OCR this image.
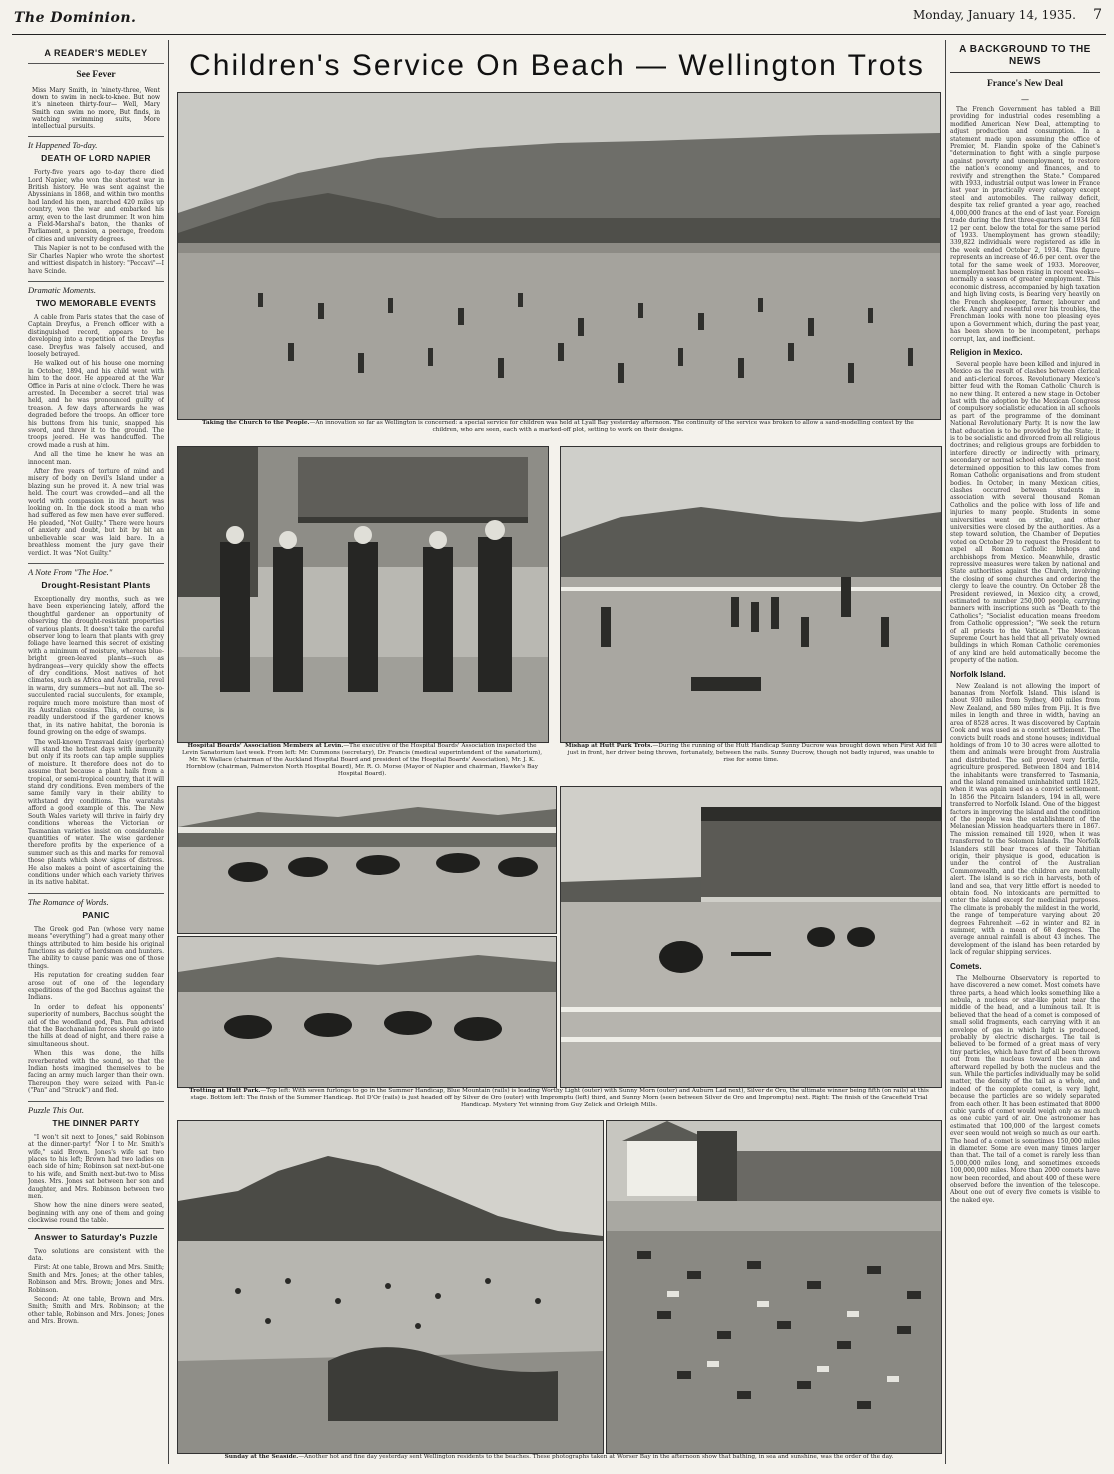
The Dominion.	Monday, January 14, 1935. 7
A READER'S MEDLEY
See Fever
Miss Mary Smith, in 'ninety-three, Went down to swim in neck-to-knee. But now it's nineteen thirty-four— Well, Mary Smith can swim no more, But finds, in watching swimming suits, More intellectual pursuits.
It Happened To-day.
DEATH OF LORD NAPIER

Forty-five years ago to-day there died Lord Napier, who won the shortest war in British history. He was sent against the Abyssinians in 1868, and within two months had landed his men, marched 420 miles up country, won the war and embarked his army, even to the last drummer. It won him a Field-Marshal's baton, the thanks of Parliament, a pension, a peerage, freedom of cities and university degrees.

This Napier is not to be confused with the Sir Charles Napier who wrote the shortest and wittiest dispatch in history: "Peccavi"—I have Scinde.

Dramatic Moments.
TWO MEMORABLE EVENTS

A cable from Paris states that the case of Captain Dreyfus, a French officer with a distinguished record, appears to be developing into a repetition of the Dreyfus case. Dreyfus was falsely accused, and loosely betrayed.

He walked out of his house one morning in October, 1894, and his child went with him to the door. He appeared at the War Office in Paris at nine o'clock. There he was arrested. In December a secret trial was held, and he was pronounced guilty of treason. A few days afterwards he was degraded before the troops. An officer tore his buttons from his tunic, snapped his sword, and threw it to the ground. The troops jeered. He was handcuffed. The crowd made a rush at him.

And all the time he knew he was an innocent man.

After five years of torture of mind and misery of body on Devil's Island under a blazing sun he proved it. A new trial was held. The court was crowded—and all the world with compassion in its heart was looking on. In the dock stood a man who had suffered as few men have ever suffered. He pleaded, "Not Guilty." There were hours of anxiety and doubt, but bit by bit an unbelievable scar was laid bare. In a breathless moment the jury gave their verdict. It was "Not Guilty."

A Note From "The Hoe."
Drought-Resistant Plants

Exceptionally dry months, such as we have been experiencing lately, afford the thoughtful gardener an opportunity of observing the drought-resistant properties of various plants. It doesn't take the careful observer long to learn that plants with grey foliage have learned this secret of existing with a minimum of moisture, whereas blue-bright green-leaved plants—such as hydrangeas—very quickly show the effects of dry conditions. Most natives of hot climates, such as Africa and Australia, revel in warm, dry summers—but not all. The so-succulented racial succulents, for example, require much more moisture than most of its Australian cousins. This, of course, is readily understood if the gardener knows that, in its native habitat, the boronia is found growing on the edge of swamps.

The well-known Transvaal daisy (gerbera) will stand the hottest days with immunity but only if its roots can tap ample supplies of moisture. It therefore does not do to assume that because a plant hails from a tropical, or semi-tropical country, that it will stand dry conditions. Even members of the same family vary in their ability to withstand dry conditions. The waratahs afford a good example of this. The New South Wales variety will thrive in fairly dry conditions whereas the Victorian or Tasmanian varieties insist on considerable quantities of water. The wise gardener therefore profits by the experience of a summer such as this and marks for removal those plants which show signs of distress. He also makes a point of ascertaining the conditions under which each variety thrives in its native habitat.

The Romance of Words.
PANIC

The Greek god Pan (whose very name means "everything") had a great many other things attributed to him beside his original functions as deity of herdsmen and hunters. The ability to cause panic was one of those things.

His reputation for creating sudden fear arose out of one of the legendary expeditions of the god Bacchus against the Indians.

In order to defeat his opponents' superiority of numbers, Bacchus sought the aid of the woodland god, Pan. Pan advised that the Bacchanalian forces should go into the hills at dead of night, and there raise a simultaneous shout.

When this was done, the hills reverberated with the sound, so that the Indian hosts imagined themselves to be facing an army much larger than their own. Thereupon they were seized with Pan-ic ("Pan" and "Struck") and fled.

Puzzle This Out.
THE DINNER PARTY

"I won't sit next to Jones," said Robinson at the dinner-party! "Nor I to Mr. Smith's wife," said Brown. Jones's wife sat two places to his left; Brown had two ladies on each side of him; Robinson sat next-but-one to his wife, and Smith next-but-two to Miss Jones. Mrs. Jones sat between her son and daughter, and Mrs. Robinson between two men.

Show how the nine diners were seated, beginning with any one of them and going clockwise round the table.

Answer to Saturday's Puzzle

Two solutions are consistent with the data.

First: At one table, Brown and Mrs. Smith; Smith and Mrs. Jones; at the other tables, Robinson and Mrs. Brown; Jones and Mrs. Robinson.

Second: At one table, Brown and Mrs. Smith; Smith and Mrs. Robinson; at the other table, Robinson and Mrs. Jones; Jones and Mrs. Brown.

Children's Service On Beach — Wellington Trots
Taking the Church to the People.—An innovation so far as Wellington is concerned: a special service for children was held at Lyall Bay yesterday afternoon. The continuity of the service was broken to allow a sand-modelling contest by the children, who are seen, each with a marked-off plot, setting to work on their designs.
Hospital Boards' Association Members at Levin.—The executive of the Hospital Boards' Association inspected the Levin Sanatorium last week. From left: Mr. Cummons (secretary), Dr. Francis (medical superintendent of the sanatorium), Mr. W. Wallace (chairman of the Auckland Hospital Board and president of the Hospital Boards' Association), Mr. J. K. Hornblow (chairman, Palmerston North Hospital Board), Mr. R. O. Morse (Mayor of Napier and chairman, Hawke's Bay Hospital Board).
Mishap at Hutt Park Trots.—During the running of the Hutt Handicap Sunny Ducrow was brought down when First Aid fell just in front, her driver being thrown, fortunately, between the rails. Sunny Ducrow, though not badly injured, was unable to rise for some time.
Trotting at Hutt Park.—Top left: With seven furlongs to go in the Summer Handicap, Blue Mountain (rails) is leading Worthy Light (outer) with Sunny Morn (outer) and Auburn Lad next), Silver de Oro, the ultimate winner being fifth (on rails) at this stage. Bottom left: The finish of the Summer Handicap. Rol D'Or (rails) is just headed off by Silver de Oro (outer) with Impromptu (left) third, and Sunny Morn (seen between Silver de Oro and Impromptu) next. Right: The finish of the Gracefield Trial Handicap. Mystery Yet winning from Guy Zelick and Orleigh Mills.
Sunday at the Seaside.—Another hot and fine day yesterday sent Wellington residents to the beaches. These photographs taken at Worser Bay in the afternoon show that bathing, in sea and sunshine, was the order of the day.
A BACKGROUND TO THE NEWS
France's New Deal
—

The French Government has tabled a Bill providing for industrial codes resembling a modified American New Deal, attempting to adjust production and consumption. In a statement made upon assuming the office of Premier, M. Flandin spoke of the Cabinet's "determination to fight with a single purpose against poverty and unemployment, to restore the nation's economy and finances, and to revivify and strengthen the State." Compared with 1933, industrial output was lower in France last year in practically every category except steel and automobiles. The railway deficit, despite tax relief granted a year ago, reached 4,000,000 francs at the end of last year. Foreign trade during the first three-quarters of 1934 fell 12 per cent. below the total for the same period of 1933. Unemployment has grown steadily; 339,822 individuals were registered as idle in the week ended October 2, 1934. This figure represents an increase of 46.6 per cent. over the total for the same week of 1933. Moreover, unemployment has been rising in recent weeks—normally a season of greater employment. This economic distress, accompanied by high taxation and high living costs, is bearing very heavily on the French shopkeeper, farmer, labourer and clerk. Angry and resentful over his troubles, the Frenchman looks with none too pleasing eyes upon a Government which, during the past year, has been shown to be incompetent, perhaps corrupt, lax, and inefficient.

Religion in Mexico.

Several people have been killed and injured in Mexico as the result of clashes between clerical and anti-clerical forces. Revolutionary Mexico's bitter feud with the Roman Catholic Church is no new thing. It entered a new stage in October last with the adoption by the Mexican Congress of compulsory socialistic education in all schools as part of the programme of the dominant National Revolutionary Party. It is now the law that education is to be provided by the State; it is to be socialistic and divorced from all religious doctrines; and religious groups are forbidden to interfere directly or indirectly with primary, secondary or normal school education. The most determined opposition to this law comes from Roman Catholic organisations and from student bodies. In October, in many Mexican cities, clashes occurred between students in association with several thousand Roman Catholics and the police with loss of life and injuries to many people. Students in some universities went on strike, and other universities were closed by the authorities. As a step toward solution, the Chamber of Deputies voted on October 29 to request the President to expel all Roman Catholic bishops and archbishops from Mexico. Meanwhile, drastic repressive measures were taken by national and State authorities against the Church, involving the closing of some churches and ordering the clergy to leave the country. On October 28 the President reviewed, in Mexico city, a crowd, estimated to number 250,000 people, carrying banners with inscriptions such as "Death to the Catholics"; "Socialist education means freedom from Catholic oppression"; "We seek the return of all priests to the Vatican." The Mexican Supreme Court has held that all privately owned buildings in which Roman Catholic ceremonies of any kind are held automatically become the property of the nation.

Norfolk Island.

New Zealand is not allowing the import of bananas from Norfolk Island. This island is about 930 miles from Sydney, 400 miles from New Zealand, and 580 miles from Fiji. It is five miles in length and three in width, having an area of 8528 acres. It was discovered by Captain Cook and was used as a convict settlement. The convicts built roads and stone houses; individual holdings of from 10 to 30 acres were allotted to them and animals were brought from Australia and distributed. The soil proved very fertile, agriculture prospered. Between 1804 and 1814 the inhabitants were transferred to Tasmania, and the island remained uninhabited until 1825, when it was again used as a convict settlement. In 1856 the Pitcairn Islanders, 194 in all, were transferred to Norfolk Island. One of the biggest factors in improving the island and the condition of the people was the establishment of the Melanesian Mission headquarters there in 1867. The mission remained till 1920, when it was transferred to the Solomon Islands. The Norfolk Islanders still bear traces of their Tahitian origin, their physique is good, education is under the control of the Australian Commonwealth, and the children are mentally alert. The island is so rich in harvests, both of land and sea, that very little effort is needed to obtain food. No intoxicants are permitted to enter the island except for medicinal purposes. The climate is probably the mildest in the world, the range of temperature varying about 20 degrees Fahrenheit —62 in winter and 82 in summer, with a mean of 68 degrees. The average annual rainfall is about 43 inches. The development of the island has been retarded by lack of regular shipping services.

Comets.

The Melbourne Observatory is reported to have discovered a new comet. Most comets have three parts, a head which looks something like a nebula, a nucleus or star-like point near the middle of the head, and a luminous tail. It is believed that the head of a comet is composed of small solid fragments, each carrying with it an envelope of gas in which light is produced, probably by electric discharges. The tail is believed to be formed of a great mass of very tiny particles, which have first of all been thrown out from the nucleus toward the sun and afterward repelled by both the nucleus and the sun. While the particles individually may be solid matter, the density of the tail as a whole, and indeed of the complete comet, is very light, because the particles are so widely separated from each other. It has been estimated that 8000 cubic yards of comet would weigh only as much as one cubic yard of air. One astronomer has estimated that 100,000 of the largest comets ever seen would not weigh so much as our earth. The head of a comet is sometimes 150,000 miles in diameter. Some are even many times larger than that. The tail of a comet is rarely less than 5,000,000 miles long, and sometimes exceeds 100,000,000 miles. More than 2000 comets have now been recorded, and about 400 of these were observed before the invention of the telescope. About one out of every five comets is visible to the naked eye.
